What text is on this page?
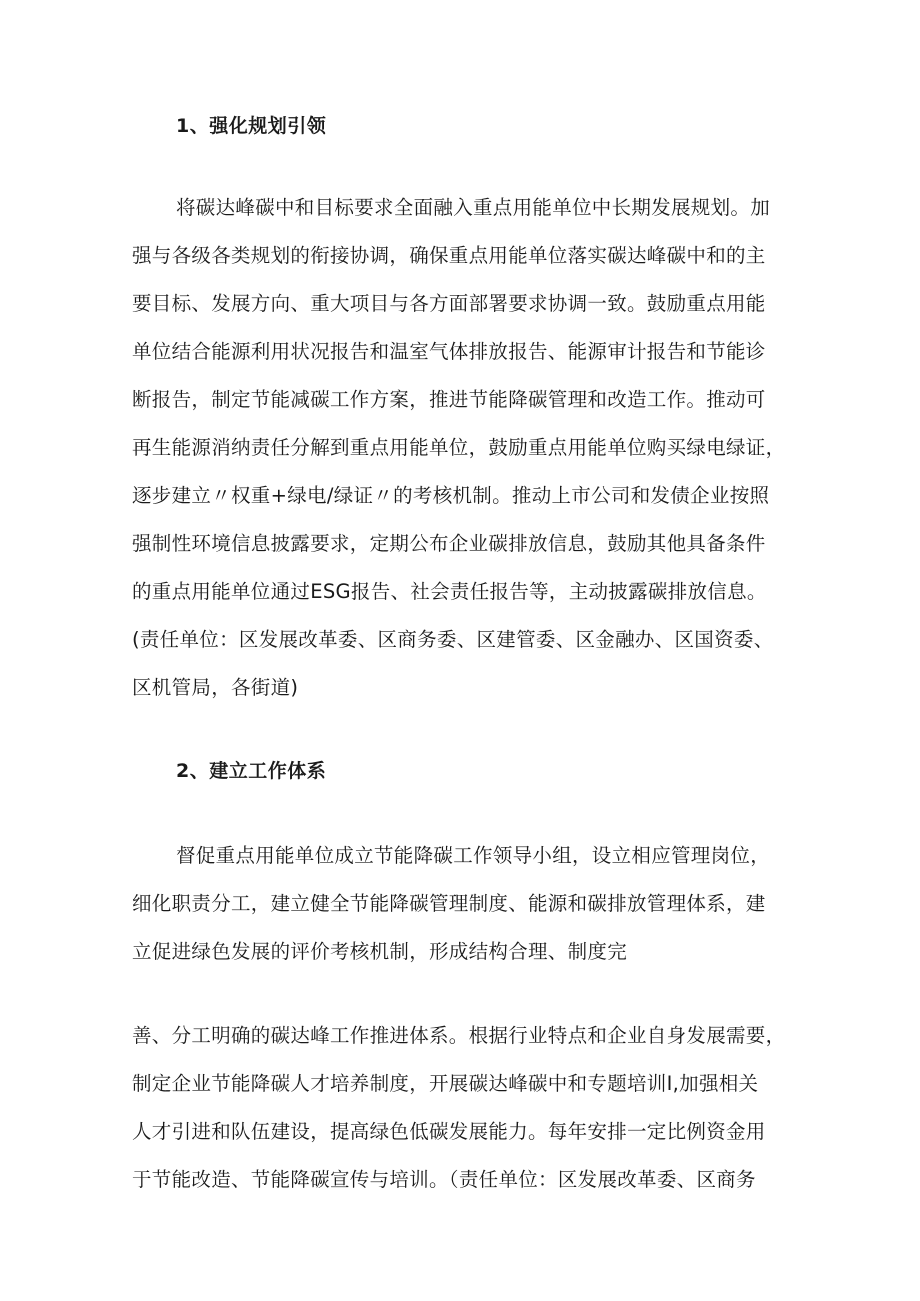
1、强化规划引领
将碳达峰碳中和目标要求全面融入重点用能单位中长期发展规划。加
强与各级各类规划的衔接协调，确保重点用能单位落实碳达峰碳中和的主
要目标、发展方向、重大项目与各方面部署要求协调一致。鼓励重点用能
单位结合能源利用状况报告和温室气体排放报告、能源审计报告和节能诊
断报告，制定节能减碳工作方案，推进节能降碳管理和改造工作。推动可
再生能源消纳责任分解到重点用能单位，鼓励重点用能单位购买绿电绿证，
逐步建立〃权重+绿电/绿证〃的考核机制。推动上市公司和发债企业按照
强制性环境信息披露要求，定期公布企业碳排放信息，鼓励其他具备条件
的重点用能单位通过ESG报告、社会责任报告等，主动披露碳排放信息。
(责任单位：区发展改革委、区商务委、区建管委、区金融办、区国资委、
区机管局，各街道)
2、建立工作体系
督促重点用能单位成立节能降碳工作领导小组，设立相应管理岗位，
细化职责分工，建立健全节能降碳管理制度、能源和碳排放管理体系，建
立促进绿色发展的评价考核机制，形成结构合理、制度完
善、分工明确的碳达峰工作推进体系。根据行业特点和企业自身发展需要，
制定企业节能降碳人才培养制度，开展碳达峰碳中和专题培训I,加强相关
人才引进和队伍建设，提高绿色低碳发展能力。每年安排一定比例资金用
于节能改造、节能降碳宣传与培训。（责任单位：区发展改革委、区商务
